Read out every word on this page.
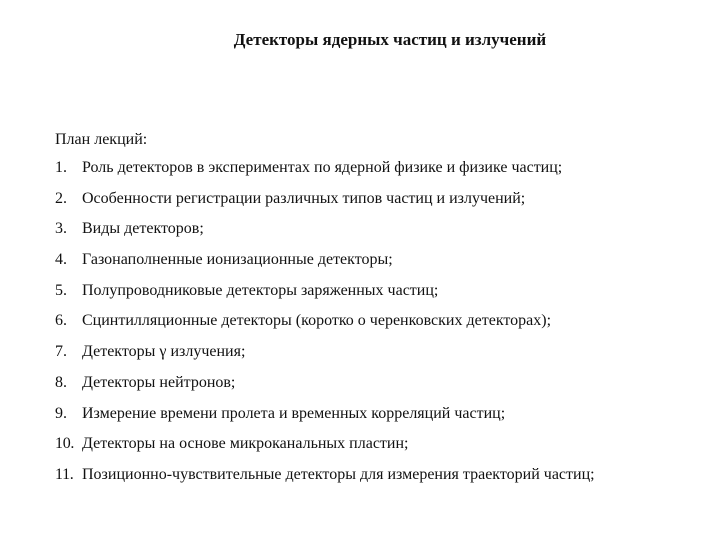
Детекторы ядерных частиц и излучений
План лекций:
1. Роль детекторов в экспериментах по ядерной физике и физике частиц;
2. Особенности регистрации различных типов частиц и излучений;
3. Виды детекторов;
4. Газонаполненные ионизационные детекторы;
5. Полупроводниковые детекторы заряженных частиц;
6. Сцинтилляционные детекторы (коротко о черенковских детекторах);
7. Детекторы γ излучения;
8. Детекторы нейтронов;
9. Измерение времени пролета и временных корреляций частиц;
10. Детекторы на основе микроканальных пластин;
11. Позиционно-чувствительные детекторы для измерения траекторий частиц;
